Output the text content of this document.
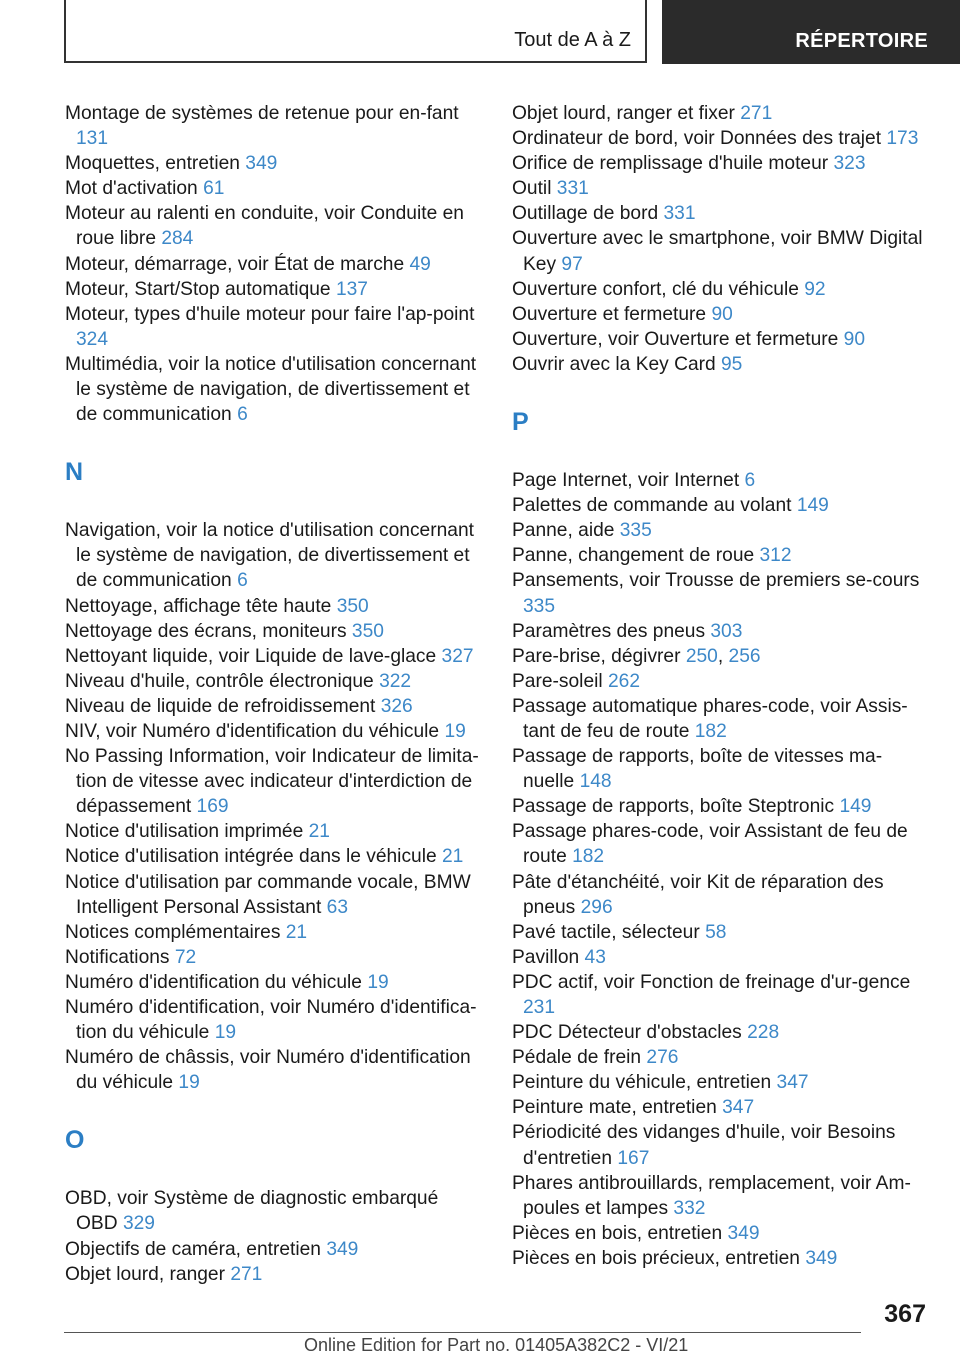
Tout de A à Z	RÉPERTOIRE
Montage de systèmes de retenue pour en-fant 131
Moquettes, entretien 349
Mot d'activation 61
Moteur au ralenti en conduite, voir Conduite en roue libre 284
Moteur, démarrage, voir État de marche 49
Moteur, Start/Stop automatique 137
Moteur, types d'huile moteur pour faire l'ap-point 324
Multimédia, voir la notice d'utilisation concernant le système de navigation, de divertissement et de communication 6
N
Navigation, voir la notice d'utilisation concernant le système de navigation, de divertissement et de communication 6
Nettoyage, affichage tête haute 350
Nettoyage des écrans, moniteurs 350
Nettoyant liquide, voir Liquide de lave-glace 327
Niveau d'huile, contrôle électronique 322
Niveau de liquide de refroidissement 326
NIV, voir Numéro d'identification du véhicule 19
No Passing Information, voir Indicateur de limita-tion de vitesse avec indicateur d'interdiction de dépassement 169
Notice d'utilisation imprimée 21
Notice d'utilisation intégrée dans le véhicule 21
Notice d'utilisation par commande vocale, BMW Intelligent Personal Assistant 63
Notices complémentaires 21
Notifications 72
Numéro d'identification du véhicule 19
Numéro d'identification, voir Numéro d'identifica-tion du véhicule 19
Numéro de châssis, voir Numéro d'identification du véhicule 19
O
OBD, voir Système de diagnostic embarqué OBD 329
Objectifs de caméra, entretien 349
Objet lourd, ranger 271
Objet lourd, ranger et fixer 271
Ordinateur de bord, voir Données des trajet 173
Orifice de remplissage d'huile moteur 323
Outil 331
Outillage de bord 331
Ouverture avec le smartphone, voir BMW Digital Key 97
Ouverture confort, clé du véhicule 92
Ouverture et fermeture 90
Ouverture, voir Ouverture et fermeture 90
Ouvrir avec la Key Card 95
P
Page Internet, voir Internet 6
Palettes de commande au volant 149
Panne, aide 335
Panne, changement de roue 312
Pansements, voir Trousse de premiers se-cours 335
Paramètres des pneus 303
Pare-brise, dégivrer 250, 256
Pare-soleil 262
Passage automatique phares-code, voir Assis-tant de feu de route 182
Passage de rapports, boîte de vitesses ma-nuelle 148
Passage de rapports, boîte Steptronic 149
Passage phares-code, voir Assistant de feu de route 182
Pâte d'étanchéité, voir Kit de réparation des pneus 296
Pavé tactile, sélecteur 58
Pavillon 43
PDC actif, voir Fonction de freinage d'ur-gence 231
PDC Détecteur d'obstacles 228
Pédale de frein 276
Peinture du véhicule, entretien 347
Peinture mate, entretien 347
Périodicité des vidanges d'huile, voir Besoins d'entretien 167
Phares antibrouillards, remplacement, voir Am-poules et lampes 332
Pièces en bois, entretien 349
Pièces en bois précieux, entretien 349
367
Online Edition for Part no. 01405A382C2 - VI/21
